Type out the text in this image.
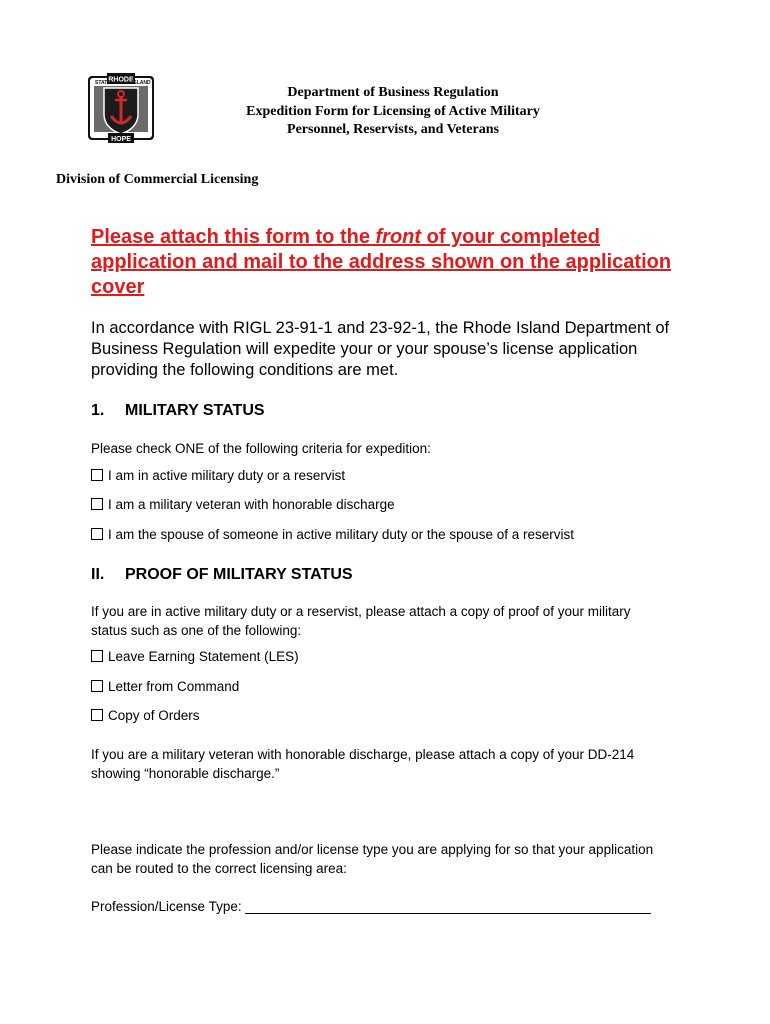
RHODE
STATE	ISLAND
HOPE
Department of Business Regulation
Expedition Form for Licensing of Active Military
Personnel, Reservists, and Veterans
Division of Commercial Licensing
Please attach this form to the front of your completed application and mail to the address shown on the application cover
In accordance with RIGL 23-91-1 and 23-92-1, the Rhode Island Department of Business Regulation will expedite your or your spouse’s license application providing the following conditions are met.
1. MILITARY STATUS
Please check ONE of the following criteria for expedition:
I am in active military duty or a reservist
I am a military veteran with honorable discharge
I am the spouse of someone in active military duty or the spouse of a reservist
II. PROOF OF MILITARY STATUS
If you are in active military duty or a reservist, please attach a copy of proof of your military status such as one of the following:
Leave Earning Statement (LES)
Letter from Command
Copy of Orders
If you are a military veteran with honorable discharge, please attach a copy of your DD-214 showing “honorable discharge.”
Please indicate the profession and/or license type you are applying for so that your application can be routed to the correct licensing area:
Profession/License Type:
